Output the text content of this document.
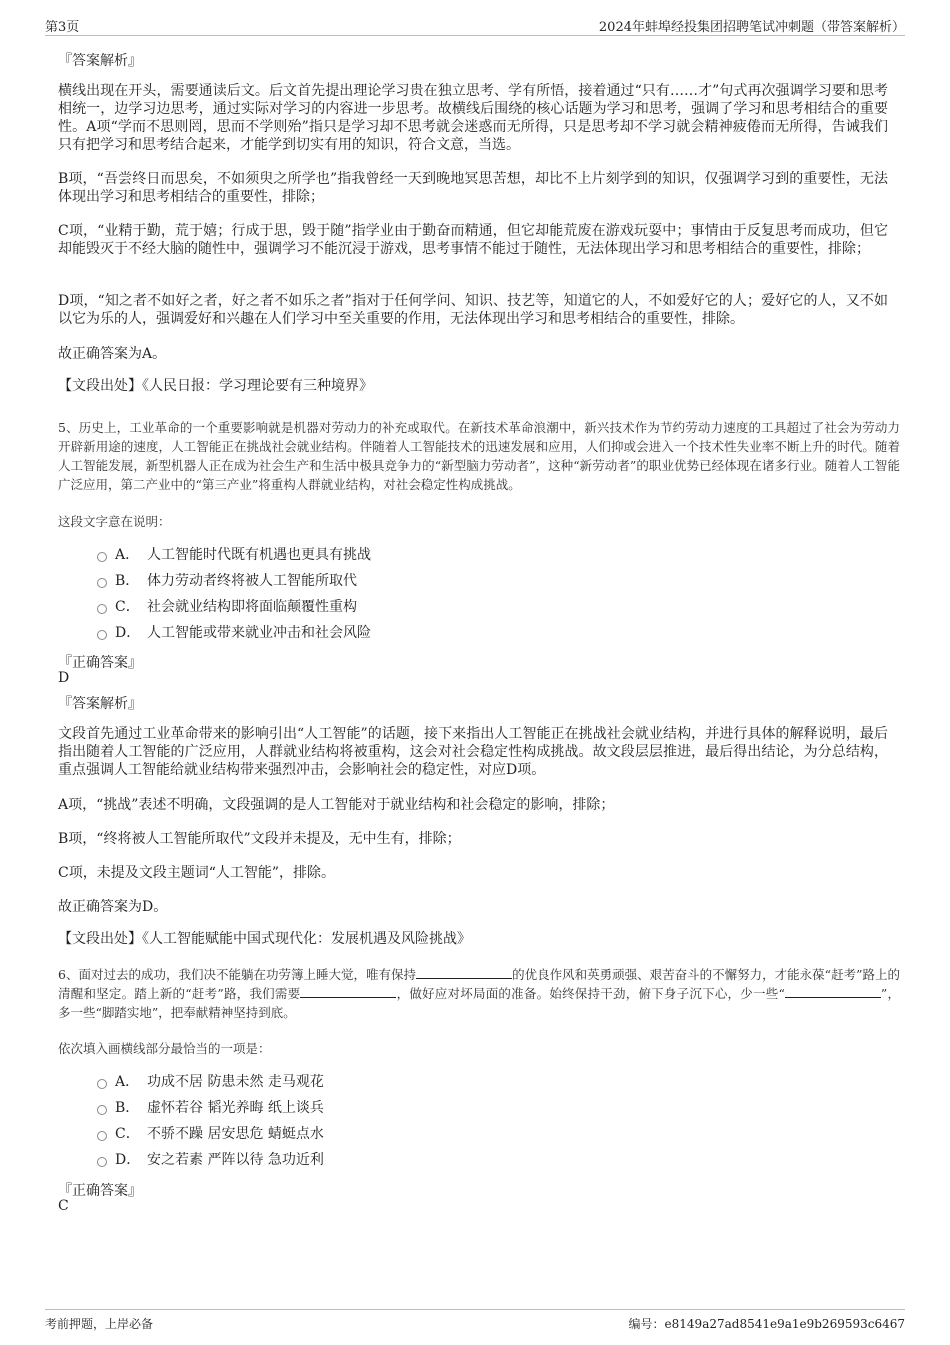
第3页	2024年蚌埠经投集团招聘笔试冲刺题（带答案解析）
『答案解析』
横线出现在开头，需要通读后文。后文首先提出理论学习贵在独立思考、学有所悟，接着通过“只有……才”句式再次强调学习要和思考相统一，边学习边思考，通过实际对学习的内容进一步思考。故横线后围绕的核心话题为学习和思考，强调了学习和思考相结合的重要性。A项“学而不思则罔，思而不学则殆”指只是学习却不思考就会迷惑而无所得，只是思考却不学习就会精神疲倦而无所得，告诫我们只有把学习和思考结合起来，才能学到切实有用的知识，符合文意，当选。
B项，“吾尝终日而思矣，不如须臾之所学也”指我曾经一天到晚地冥思苦想，却比不上片刻学到的知识，仅强调学习到的重要性，无法体现出学习和思考相结合的重要性，排除；
C项，“业精于勤，荒于嬉；行成于思，毁于随”指学业由于勤奋而精通，但它却能荒废在游戏玩耍中；事情由于反复思考而成功，但它却能毁灭于不经大脑的随性中，强调学习不能沉浸于游戏，思考事情不能过于随性，无法体现出学习和思考相结合的重要性，排除；
D项，“知之者不如好之者，好之者不如乐之者”指对于任何学问、知识、技艺等，知道它的人，不如爱好它的人；爱好它的人，又不如以它为乐的人，强调爱好和兴趣在人们学习中至关重要的作用，无法体现出学习和思考相结合的重要性，排除。
故正确答案为A。
【文段出处】《人民日报：学习理论要有三种境界》
5、历史上，工业革命的一个重要影响就是机器对劳动力的补充或取代。在新技术革命浪潮中，新兴技术作为节约劳动力速度的工具超过了社会为劳动力开辟新用途的速度，人工智能正在挑战社会就业结构。伴随着人工智能技术的迅速发展和应用，人们抑或会进入一个技术性失业率不断上升的时代。随着人工智能发展，新型机器人正在成为社会生产和生活中极具竞争力的“新型脑力劳动者”，这种“新劳动者”的职业优势已经体现在诸多行业。随着人工智能广泛应用，第二产业中的“第三产业”将重构人群就业结构，对社会稳定性构成挑战。
这段文字意在说明：
A． 人工智能时代既有机遇也更具有挑战
B． 体力劳动者终将被人工智能所取代
C． 社会就业结构即将面临颠覆性重构
D． 人工智能或带来就业冲击和社会风险
『正确答案』
D
『答案解析』
文段首先通过工业革命带来的影响引出“人工智能”的话题，接下来指出人工智能正在挑战社会就业结构，并进行具体的解释说明，最后指出随着人工智能的广泛应用，人群就业结构将被重构，这会对社会稳定性构成挑战。故文段层层推进，最后得出结论，为分总结构，重点强调人工智能给就业结构带来强烈冲击，会影响社会的稳定性，对应D项。
A项，“挑战”表述不明确，文段强调的是人工智能对于就业结构和社会稳定的影响，排除；
B项，“终将被人工智能所取代”文段并未提及，无中生有，排除；
C项，未提及文段主题词“人工智能”，排除。
故正确答案为D。
【文段出处】《人工智能赋能中国式现代化：发展机遇及风险挑战》
6、面对过去的成功，我们决不能躺在功劳簿上睡大觉，唯有保持	的优良作风和英勇顽强、艰苦奋斗的不懈努力，才能永葆“赶考”路上的清醒和坚定。踏上新的“赶考”路，我们需要	，做好应对坏局面的准备。始终保持干劲，俯下身子沉下心，少一些“	”，多一些“脚踏实地”，把奉献精神坚持到底。
依次填入画横线部分最恰当的一项是：
A． 功成不居 防患未然 走马观花
B． 虚怀若谷 韬光养晦 纸上谈兵
C． 不骄不躁 居安思危 蜻蜓点水
D． 安之若素 严阵以待 急功近利
『正确答案』
C
考前押题，上岸必备	编号：e8149a27ad8541e9a1e9b269593c6467
